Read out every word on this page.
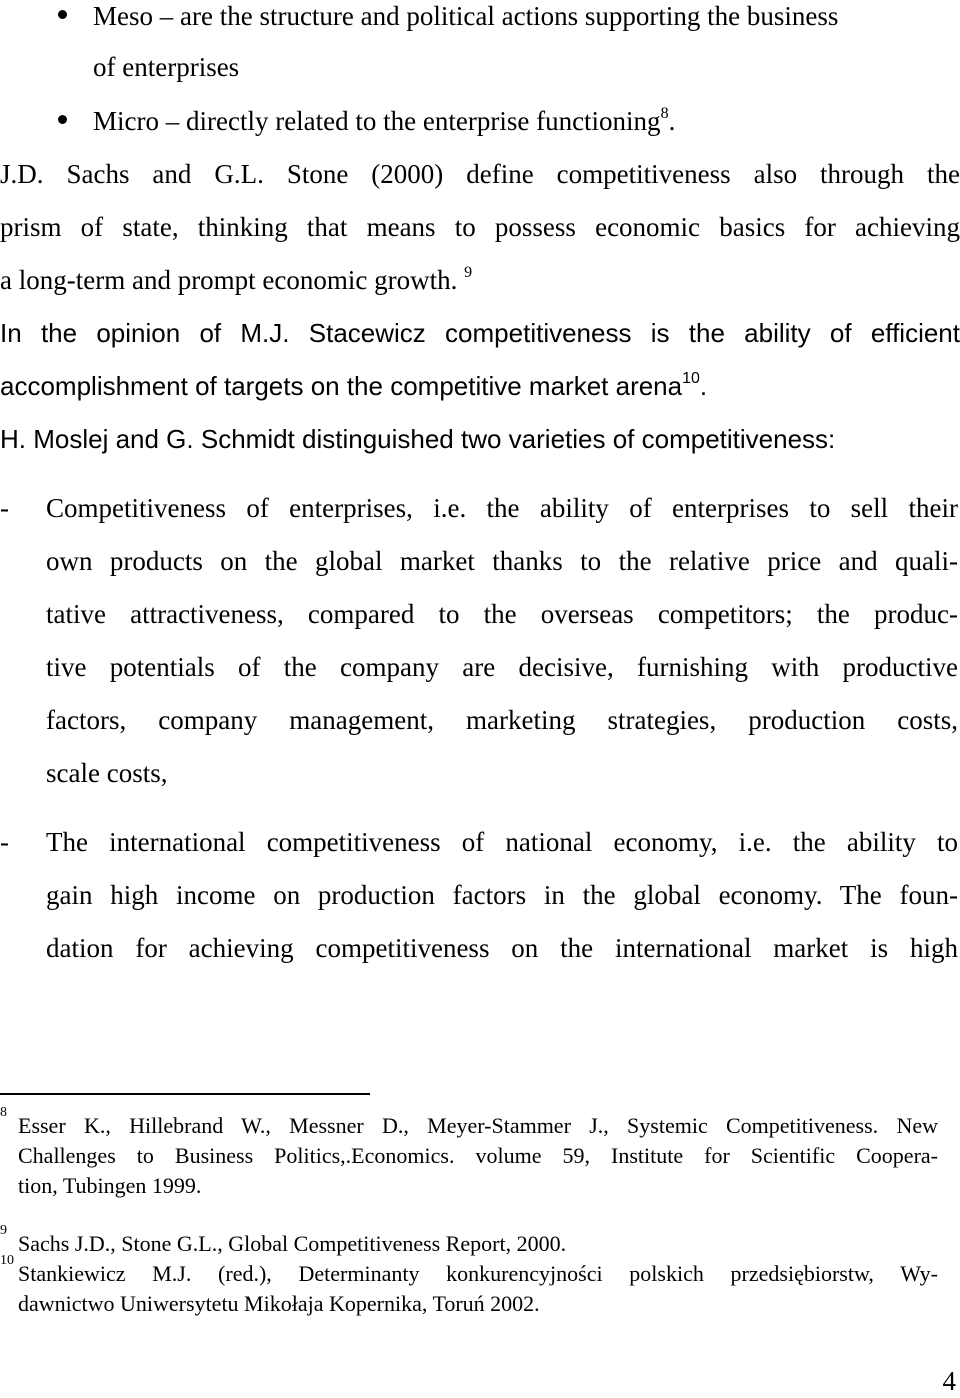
Meso – are the structure and political actions supporting the business
of enterprises
Micro – directly related to the enterprise functioning$^8$.
J.D. Sachs and G.L. Stone (2000) define competitiveness also through the
prism of state, thinking that means to possess economic basics for achieving
a long-term and prompt economic growth. $^9$
In the opinion of M.J. Stacewicz competitiveness is the ability of efficient
accomplishment of targets on the competitive market arena$^{10}$.
H. Moslej and G. Schmidt distinguished two varieties of competitiveness:
- Competitiveness of enterprises, i.e. the ability of enterprises to sell their
own products on the global market thanks to the relative price and quali-
tative attractiveness, compared to the overseas competitors; the produc-
tive potentials of the company are decisive, furnishing with productive
factors, company management, marketing strategies, production costs,
scale costs,
- The international competitiveness of national economy, i.e. the ability to
gain high income on production factors in the global economy. The foun-
dation for achieving competitiveness on the international market is high
8
Esser K., Hillebrand W., Messner D., Meyer-Stammer J., Systemic Competitiveness. New
Challenges to Business Politics,.Economics. volume 59, Institute for Scientific Coopera-
tion, Tubingen 1999.
9
Sachs J.D., Stone G.L., Global Competitiveness Report, 2000.
10
Stankiewicz M.J. (red.), Determinanty konkurencyjności polskich przedsiębiorstw, Wy-
dawnictwo Uniwersytetu Mikołaja Kopernika, Toruń 2002.
4
